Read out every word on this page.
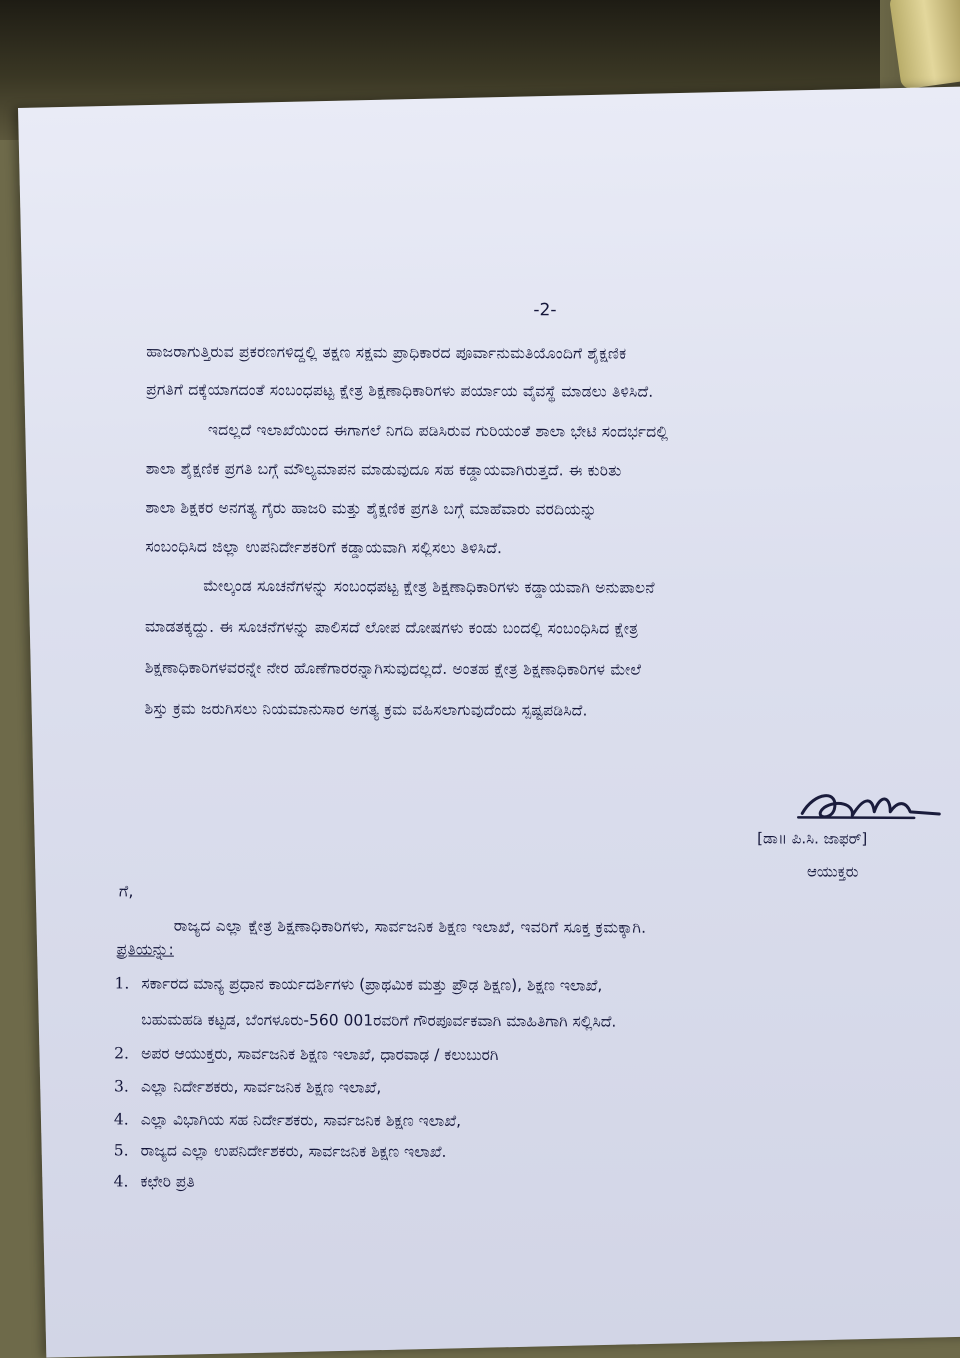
-2-
ಹಾಜರಾಗುತ್ತಿರುವ ಪ್ರಕರಣಗಳಿದ್ದಲ್ಲಿ ತಕ್ಷಣ ಸಕ್ಷಮ ಪ್ರಾಧಿಕಾರದ ಪೂರ್ವಾನುಮತಿಯೊಂದಿಗೆ ಶೈಕ್ಷಣಿಕ
ಪ್ರಗತಿಗೆ ದಕ್ಕೆಯಾಗದಂತೆ ಸಂಬಂಧಪಟ್ಟ ಕ್ಷೇತ್ರ ಶಿಕ್ಷಣಾಧಿಕಾರಿಗಳು ಪರ್ಯಾಯ ವೈವಸ್ಥೆ ಮಾಡಲು ತಿಳಿಸಿದೆ.
ಇದಲ್ಲದೆ ಇಲಾಖೆಯಿಂದ ಈಗಾಗಲೆ ನಿಗದಿ ಪಡಿಸಿರುವ ಗುರಿಯಂತೆ ಶಾಲಾ ಭೇಟಿ ಸಂದರ್ಭದಲ್ಲಿ
ಶಾಲಾ ಶೈಕ್ಷಣಿಕ ಪ್ರಗತಿ ಬಗ್ಗೆ ಮೌಲ್ಯಮಾಪನ ಮಾಡುವುದೂ ಸಹ ಕಡ್ಡಾಯವಾಗಿರುತ್ತದೆ. ಈ ಕುರಿತು
ಶಾಲಾ ಶಿಕ್ಷಕರ ಅನಗತ್ಯ ಗೈರು ಹಾಜರಿ ಮತ್ತು ಶೈಕ್ಷಣಿಕ ಪ್ರಗತಿ ಬಗ್ಗೆ ಮಾಹೆವಾರು ವರದಿಯನ್ನು
ಸಂಬಂಧಿಸಿದ ಜಿಲ್ಲಾ ಉಪನಿರ್ದೇಶಕರಿಗೆ ಕಡ್ಡಾಯವಾಗಿ ಸಲ್ಲಿಸಲು ತಿಳಿಸಿದೆ.
ಮೇಲ್ಕಂಡ ಸೂಚನೆಗಳನ್ನು ಸಂಬಂಧಪಟ್ಟ ಕ್ಷೇತ್ರ ಶಿಕ್ಷಣಾಧಿಕಾರಿಗಳು ಕಡ್ಡಾಯವಾಗಿ ಅನುಪಾಲನೆ
ಮಾಡತಕ್ಕದ್ದು. ಈ ಸೂಚನೆಗಳನ್ನು ಪಾಲಿಸದೆ ಲೋಪ ದೋಷಗಳು ಕಂಡು ಬಂದಲ್ಲಿ ಸಂಬಂಧಿಸಿದ ಕ್ಷೇತ್ರ
ಶಿಕ್ಷಣಾಧಿಕಾರಿಗಳವರನ್ನೇ ನೇರ ಹೊಣೆಗಾರರನ್ನಾಗಿಸುವುದಲ್ಲದೆ. ಅಂತಹ ಕ್ಷೇತ್ರ ಶಿಕ್ಷಣಾಧಿಕಾರಿಗಳ ಮೇಲೆ
ಶಿಸ್ತು ಕ್ರಮ ಜರುಗಿಸಲು ನಿಯಮಾನುಸಾರ ಅಗತ್ಯ ಕ್ರಮ ವಹಿಸಲಾಗುವುದೆಂದು ಸ್ಪಷ್ಟಪಡಿಸಿದೆ.
[ಡಾ॥ ಪಿ.ಸಿ. ಜಾಫರ್]
ಆಯುಕ್ತರು
ಗೆ,
ರಾಜ್ಯದ ಎಲ್ಲಾ ಕ್ಷೇತ್ರ ಶಿಕ್ಷಣಾಧಿಕಾರಿಗಳು, ಸಾರ್ವಜನಿಕ ಶಿಕ್ಷಣ ಇಲಾಖೆ, ಇವರಿಗೆ ಸೂಕ್ತ ಕ್ರಮಕ್ಕಾಗಿ.
ಪ್ರತಿಯನ್ನು:
1. ಸರ್ಕಾರದ ಮಾನ್ಯ ಪ್ರಧಾನ ಕಾರ್ಯದರ್ಶಿಗಳು (ಪ್ರಾಥಮಿಕ ಮತ್ತು ಪ್ರೌಢ ಶಿಕ್ಷಣ), ಶಿಕ್ಷಣ ಇಲಾಖೆ,
ಬಹುಮಹಡಿ ಕಟ್ಟಡ, ಬೆಂಗಳೂರು-560 001ರವರಿಗೆ ಗೌರಪೂರ್ವಕವಾಗಿ ಮಾಹಿತಿಗಾಗಿ ಸಲ್ಲಿಸಿದೆ.
2. ಅಪರ ಆಯುಕ್ತರು, ಸಾರ್ವಜನಿಕ ಶಿಕ್ಷಣ ಇಲಾಖೆ, ಧಾರವಾಢ / ಕಲುಬುರಗಿ
3. ಎಲ್ಲಾ ನಿರ್ದೇಶಕರು, ಸಾರ್ವಜನಿಕ ಶಿಕ್ಷಣ ಇಲಾಖೆ,
4. ಎಲ್ಲಾ ವಿಭಾಗಿಯ ಸಹ ನಿರ್ದೇಶಕರು, ಸಾರ್ವಜನಿಕ ಶಿಕ್ಷಣ ಇಲಾಖೆ,
5. ರಾಜ್ಯದ ಎಲ್ಲಾ ಉಪನಿರ್ದೇಶಕರು, ಸಾರ್ವಜನಿಕ ಶಿಕ್ಷಣ ಇಲಾಖೆ.
4. ಕಛೇರಿ ಪ್ರತಿ
